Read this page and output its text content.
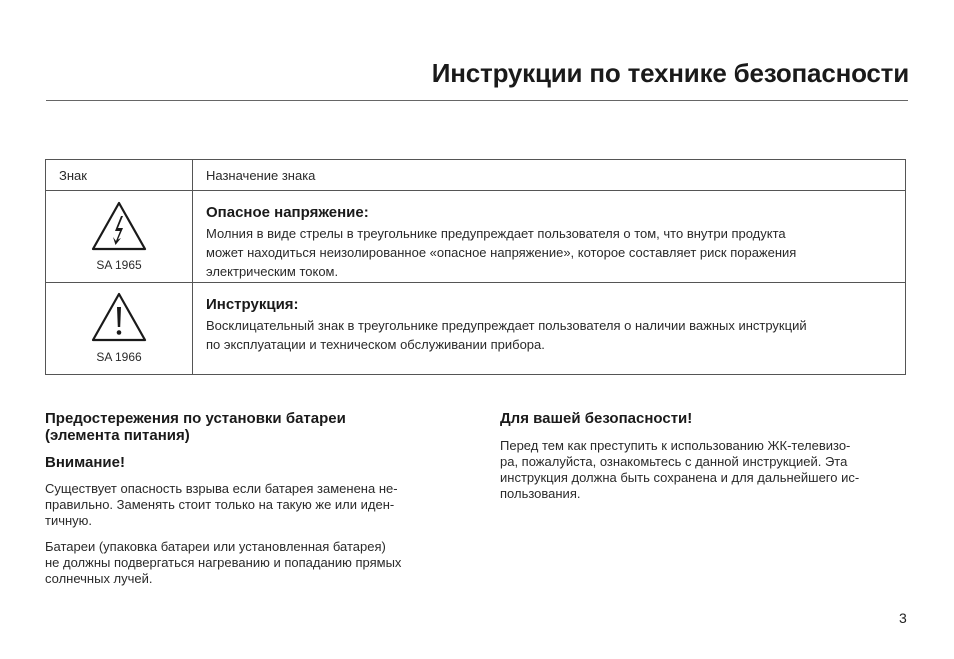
Инструкции по технике безопасности
Знак	Назначение знака

SA 1965	Опасное напряжение:
Молния в виде стрелы в треугольнике предупреждает пользователя о том, что внутри продукта
может находиться неизолированное «опасное напряжение», которое составляет риск поражения
электрическим током.

SA 1966	Инструкция:
Восклицательный знак в треугольнике предупреждает пользователя о наличии важных инструкций
по эксплуатации и техническом обслуживании прибора.
Предостережения по установки батареи
(элемента питания)
Внимание!

Существует опасность взрыва если батарея заменена не-
правильно. Заменять стоит только на такую же или иден-
тичную.

Батареи (упаковка батареи или установленная батарея)
не должны подвергаться нагреванию и попаданию прямых
солнечных лучей.

Для вашей безопасности!

Перед тем как преступить к использованию ЖК-телевизо-
ра, пожалуйста, ознакомьтесь с данной инструкцией. Эта
инструкция должна быть сохранена и для дальнейшего ис-
пользования.

3
